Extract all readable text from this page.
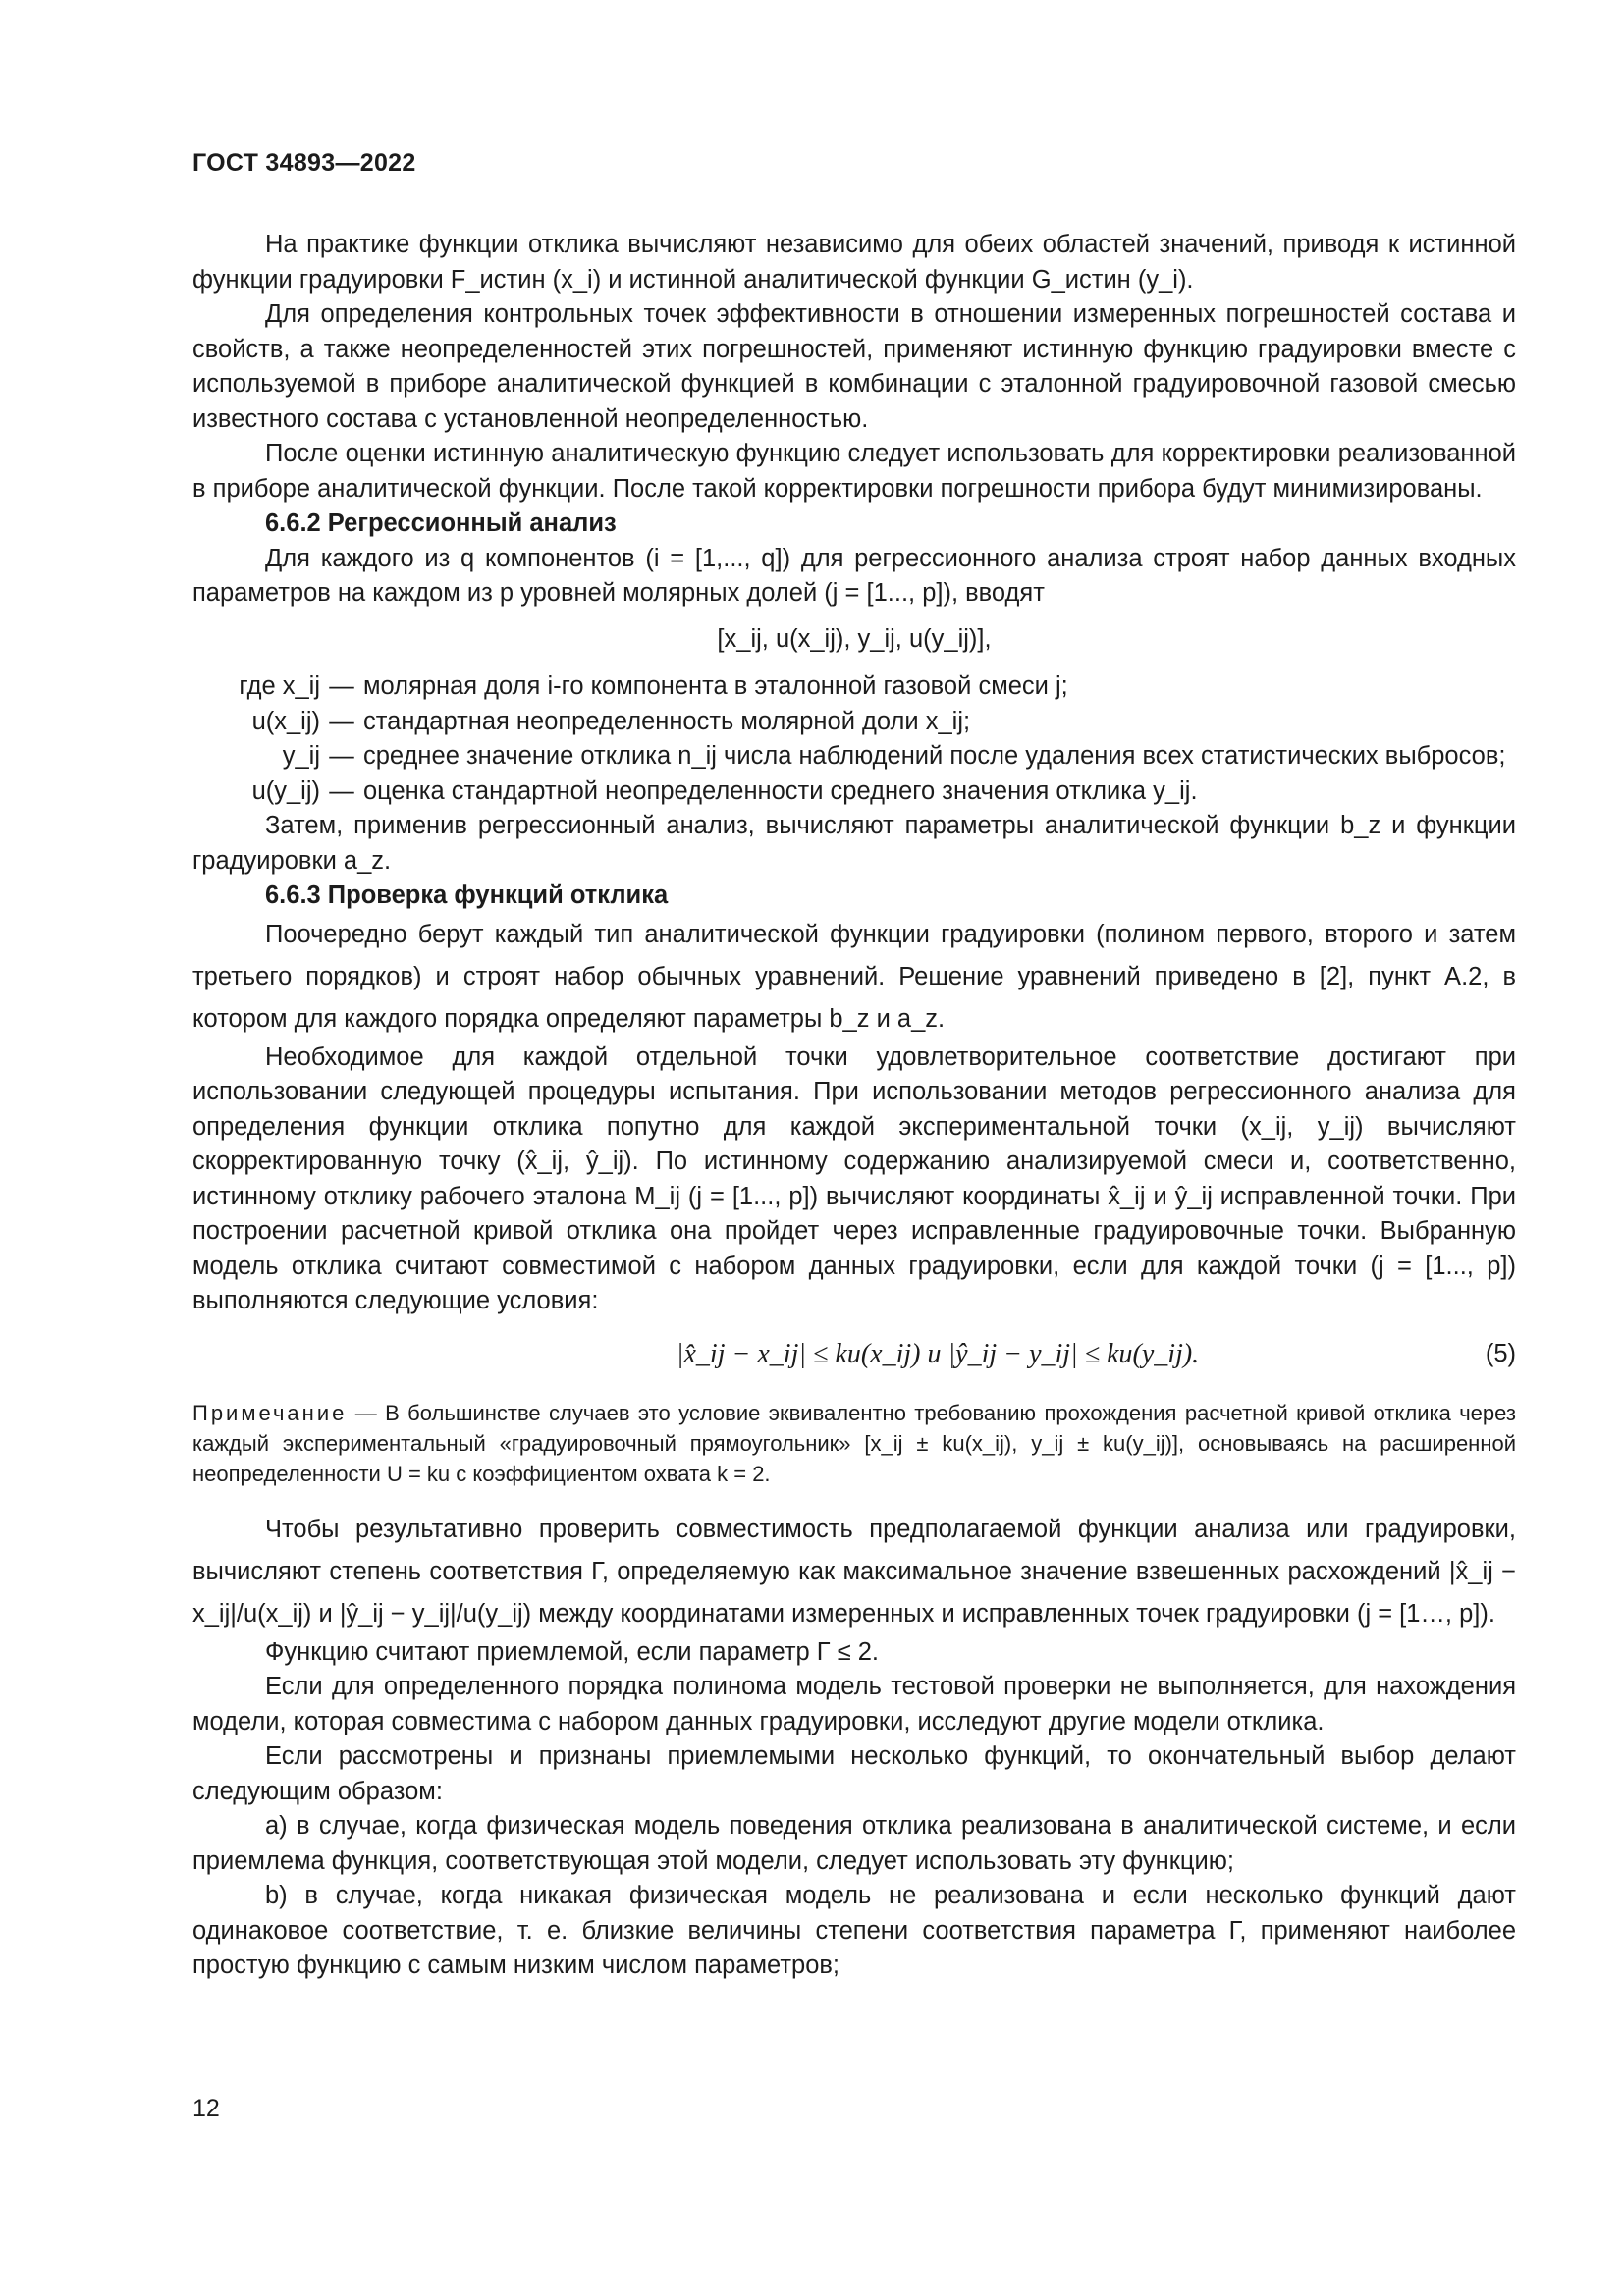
ГОСТ 34893—2022

На практике функции отклика вычисляют независимо для обеих областей значений, приводя к истинной функции градуировки F_истин (x_i) и истинной аналитической функции G_истин (y_i).

Для определения контрольных точек эффективности в отношении измеренных погрешностей состава и свойств, а также неопределенностей этих погрешностей, применяют истинную функцию градуировки вместе с используемой в приборе аналитической функцией в комбинации с эталонной градуировочной газовой смесью известного состава с установленной неопределенностью.

После оценки истинную аналитическую функцию следует использовать для корректировки реализованной в приборе аналитической функции. После такой корректировки погрешности прибора будут минимизированы.

6.6.2 Регрессионный анализ

Для каждого из q компонентов (i = [1,..., q]) для регрессионного анализа строят набор данных входных параметров на каждом из p уровней молярных долей (j = [1..., p]), вводят

[x_ij, u(x_ij), y_ij, u(y_ij)],
где x_ij — молярная доля i-го компонента в эталонной газовой смеси j;
u(x_ij) — стандартная неопределенность молярной доли x_ij;
y_ij — среднее значение отклика n_ij числа наблюдений после удаления всех статистических выбросов;
u(y_ij) — оценка стандартной неопределенности среднего значения отклика y_ij.

Затем, применив регрессионный анализ, вычисляют параметры аналитической функции b_z и функции градуировки a_z.

6.6.3 Проверка функций отклика

Поочередно берут каждый тип аналитической функции градуировки (полином первого, второго и затем третьего порядков) и строят набор обычных уравнений. Решение уравнений приведено в [2], пункт А.2, в котором для каждого порядка определяют параметры b_z и a_z.

Необходимое для каждой отдельной точки удовлетворительное соответствие достигают при использовании следующей процедуры испытания. При использовании методов регрессионного анализа для определения функции отклика попутно для каждой экспериментальной точки (x_ij, y_ij) вычисляют скорректированную точку (x̂_ij, ŷ_ij). По истинному содержанию анализируемой смеси и, соответственно, истинному отклику рабочего эталона M_ij (j = [1..., p]) вычисляют координаты x̂_ij и ŷ_ij исправленной точки. При построении расчетной кривой отклика она пройдет через исправленные градуировочные точки. Выбранную модель отклика считают совместимой с набором данных градуировки, если для каждой точки (j = [1..., p]) выполняются следующие условия:

|x̂_ij − x_ij| ≤ ku(x_ij) и |ŷ_ij − y_ij| ≤ ku(y_ij).	(5)
Примечание — В большинстве случаев это условие эквивалентно требованию прохождения расчетной кривой отклика через каждый экспериментальный «градуировочный прямоугольник» [x_ij ± ku(x_ij), y_ij ± ku(y_ij)], основываясь на расширенной неопределенности U = ku с коэффициентом охвата k = 2.

Чтобы результативно проверить совместимость предполагаемой функции анализа или градуировки, вычисляют степень соответствия Г, определяемую как максимальное значение взвешенных расхождений |x̂_ij − x_ij|/u(x_ij) и |ŷ_ij − y_ij|/u(y_ij) между координатами измеренных и исправленных точек градуировки (j = [1…, p]).

Функцию считают приемлемой, если параметр Г ≤ 2.

Если для определенного порядка полинома модель тестовой проверки не выполняется, для нахождения модели, которая совместима с набором данных градуировки, исследуют другие модели отклика.

Если рассмотрены и признаны приемлемыми несколько функций, то окончательный выбор делают следующим образом:

a) в случае, когда физическая модель поведения отклика реализована в аналитической системе, и если приемлема функция, соответствующая этой модели, следует использовать эту функцию;

b) в случае, когда никакая физическая модель не реализована и если несколько функций дают одинаковое соответствие, т. е. близкие величины степени соответствия параметра Г, применяют наиболее простую функцию с самым низким числом параметров;

12
